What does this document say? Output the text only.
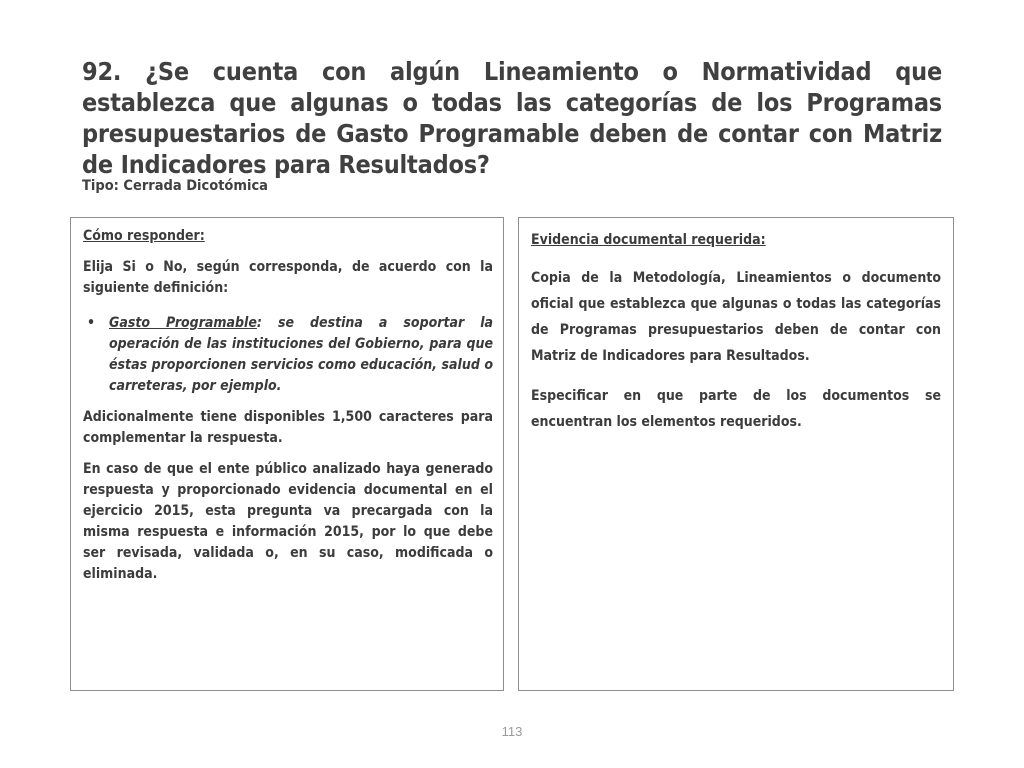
92. ¿Se cuenta con algún Lineamiento o Normatividad que establezca que algunas o todas las categorías de los Programas presupuestarios de Gasto Programable deben de contar con Matriz de Indicadores para Resultados?
Tipo: Cerrada Dicotómica

Cómo responder:

Elija Si o No, según corresponda, de acuerdo con la siguiente definición:

• Gasto Programable: se destina a soportar la operación de las instituciones del Gobierno, para que éstas proporcionen servicios como educación, salud o carreteras, por ejemplo.

Adicionalmente tiene disponibles 1,500 caracteres para complementar la respuesta.

En caso de que el ente público analizado haya generado respuesta y proporcionado evidencia documental en el ejercicio 2015, esta pregunta va precargada con la misma respuesta e información 2015, por lo que debe ser revisada, validada o, en su caso, modificada o eliminada.

Evidencia documental requerida:

Copia de la Metodología, Lineamientos o documento oficial que establezca que algunas o todas las categorías de Programas presupuestarios deben de contar con Matriz de Indicadores para Resultados.

Especificar en que parte de los documentos se encuentran los elementos requeridos.

113
